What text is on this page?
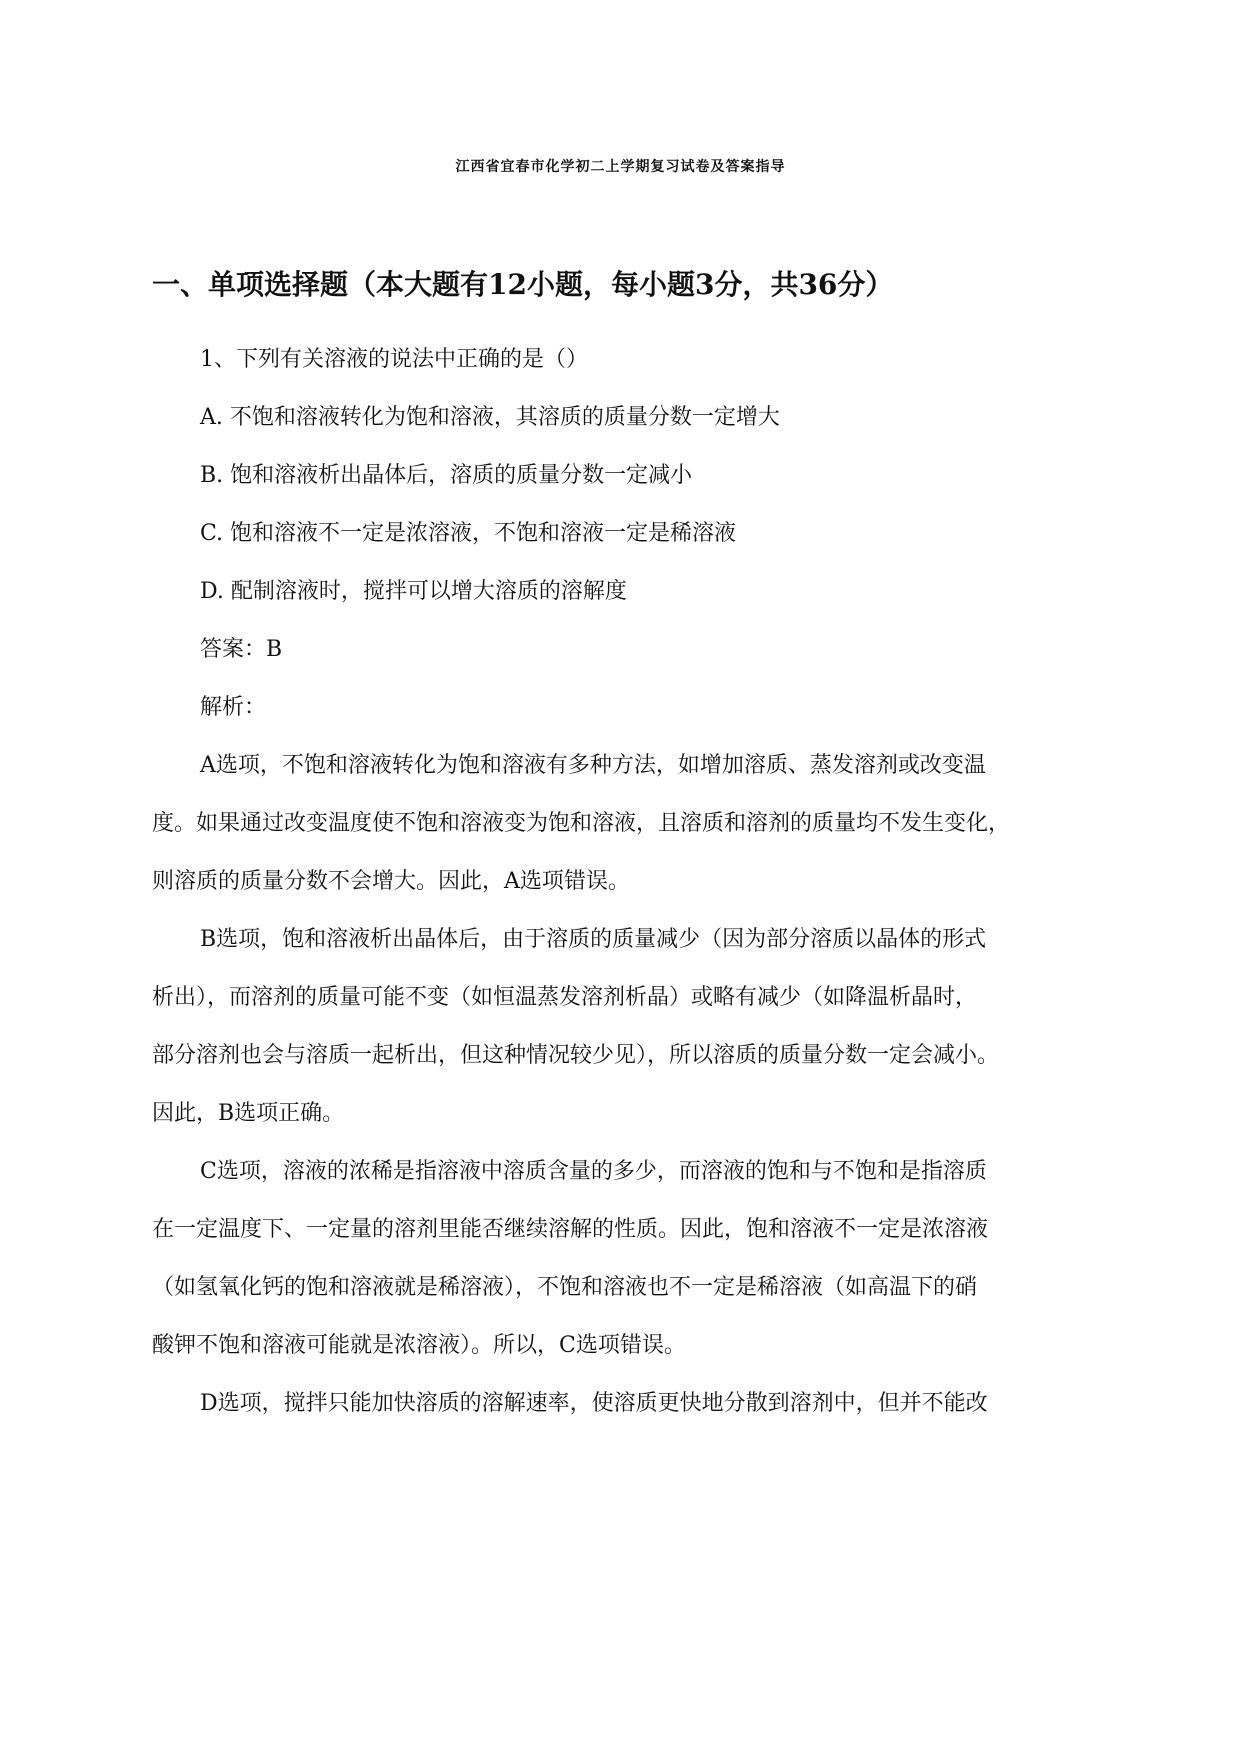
江西省宜春市化学初二上学期复习试卷及答案指导
一、单项选择题（本大题有12小题，每小题3分，共36分）

1、下列有关溶液的说法中正确的是（）

A. 不饱和溶液转化为饱和溶液，其溶质的质量分数一定增大

B. 饱和溶液析出晶体后，溶质的质量分数一定减小

C. 饱和溶液不一定是浓溶液，不饱和溶液一定是稀溶液

D. 配制溶液时，搅拌可以增大溶质的溶解度

答案：B

解析：

A选项，不饱和溶液转化为饱和溶液有多种方法，如增加溶质、蒸发溶剂或改变温

度。如果通过改变温度使不饱和溶液变为饱和溶液，且溶质和溶剂的质量均不发生变化，

则溶质的质量分数不会增大。因此，A选项错误。

B选项，饱和溶液析出晶体后，由于溶质的质量减少（因为部分溶质以晶体的形式

析出），而溶剂的质量可能不变（如恒温蒸发溶剂析晶）或略有减少（如降温析晶时，

部分溶剂也会与溶质一起析出，但这种情况较少见），所以溶质的质量分数一定会减小。

因此，B选项正确。

C选项，溶液的浓稀是指溶液中溶质含量的多少，而溶液的饱和与不饱和是指溶质

在一定温度下、一定量的溶剂里能否继续溶解的性质。因此，饱和溶液不一定是浓溶液

（如氢氧化钙的饱和溶液就是稀溶液），不饱和溶液也不一定是稀溶液（如高温下的硝

酸钾不饱和溶液可能就是浓溶液）。所以，C选项错误。

D选项，搅拌只能加快溶质的溶解速率，使溶质更快地分散到溶剂中，但并不能改
